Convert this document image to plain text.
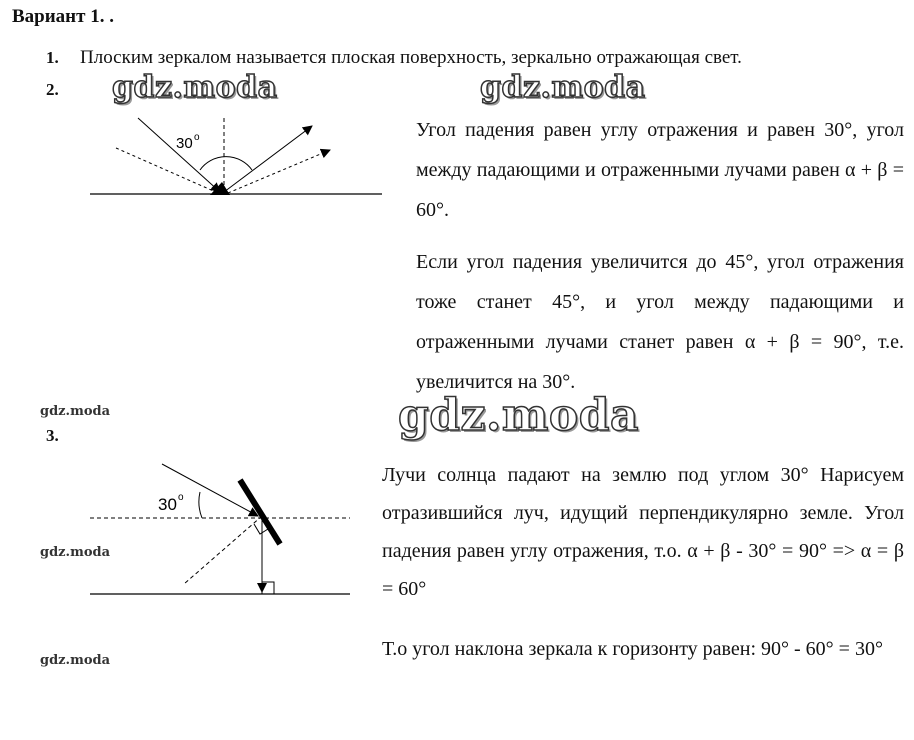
Вариант 1. .
1. Плоским зеркалом называется плоская поверхность, зеркально отражающая свет.
2. gdz.moda	gdz.moda
gdz.moda
gdz.moda
gdz.moda
gdz.moda
30 o	Угол падения равен углу отражения и равен 30°, угол между падающими и отраженными лучами равен α + β = 60°.
Если угол падения увеличится до 45°, угол отражения тоже станет 45°, и угол между падающими и отраженными лучами станет равен α + β = 90°, т.е. увеличится на 30°.
3.
30 o
Лучи солнца падают на землю под углом 30° Нарисуем отразившийся луч, идущий перпендикулярно земле. Угол падения равен углу отражения, т.о. α + β - 30° = 90° => α = β = 60°
Т.о угол наклона зеркала к горизонту равен: 90° - 60° = 30°
